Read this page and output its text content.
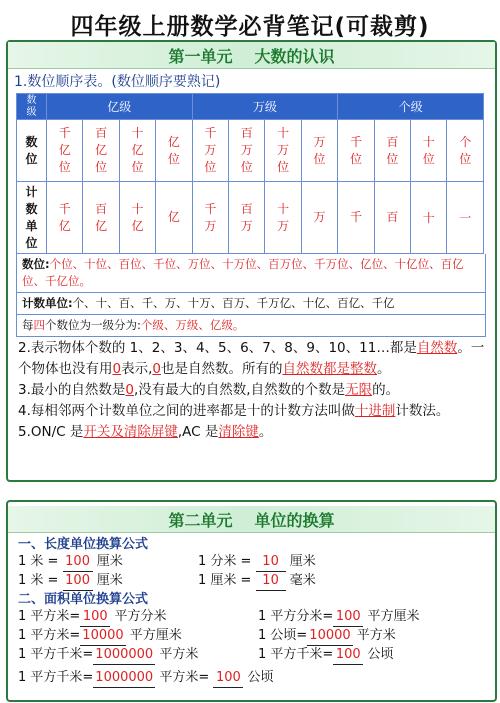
四年级上册数学必背笔记(可裁剪)
第一单元 大数的认识
1.数位顺序表。(数位顺序要熟记)
数级	亿级				万级				个级			
数位	千亿位	百亿位	十亿位	亿位	千万位	百万位	十万位	万位	千位	百位	十位	个位
计数单位	千亿	百亿	十亿	亿	千万	百万	十万	万	千	百	十	一
数位:个位、十位、百位、千位、万位、十万位、百万位、千万位、亿位、十亿位、百亿位、千亿位。
计数单位:个、十、百、千、万、十万、百万、千万亿、十亿、百亿、千亿
每四个数位为一级分为:个级、万级、亿级。
2.表示物体个数的 1、2、3、4、5、6、7、8、9、10、11…都是自然数。一个物体也没有用0表示,0也是自然数。所有的自然数都是整数。
3.最小的自然数是0,没有最大的自然数,自然数的个数是无限的。
4.每相邻两个计数单位之间的进率都是十的计数方法叫做十进制计数法。
5.ON/C 是开关及清除屏键,AC 是清除键。
第二单元 单位的换算
一、长度单位换算公式
1 米 = 100 厘米	1 分米 = 10 厘米
1 米 = 100 厘米	1 厘米 = 10 毫米
二、面积单位换算公式
1 平方米= 100 平方分米	1 平方分米= 100 平方厘米
1 平方米= 10000 平方厘米	1 公顷= 10000 平方米
1 平方千米= 1000000 平方米	1 平方千米= 100 公顷
1 平方千米= 1000000 平方米= 100 公顷
